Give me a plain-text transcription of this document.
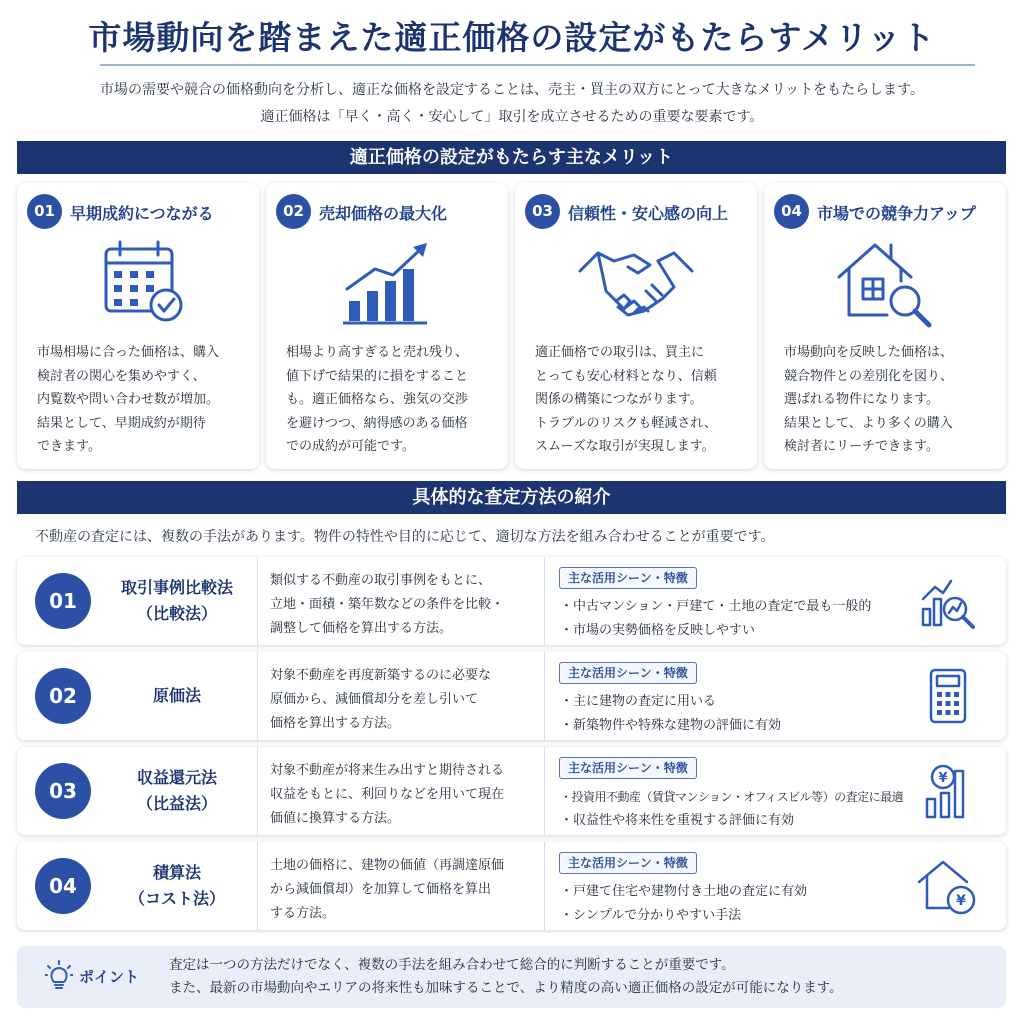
市場動向を踏まえた適正価格の設定がもたらすメリット
市場の需要や競合の価格動向を分析し、適正な価格を設定することは、売主・買主の双方にとって大きなメリットをもたらします。
適正価格は「早く・高く・安心して」取引を成立させるための重要な要素です。
適正価格の設定がもたらす主なメリット
01 早期成約につながる
市場相場に合った価格は、購入
検討者の関心を集めやすく、
内覧数や問い合わせ数が増加。
結果として、早期成約が期待
できます。
02 売却価格の最大化
相場より高すぎると売れ残り、
値下げで結果的に損をすること
も。適正価格なら、強気の交渉
を避けつつ、納得感のある価格
での成約が可能です。
03 信頼性・安心感の向上
適正価格での取引は、買主に
とっても安心材料となり、信頼
関係の構築につながります。
トラブルのリスクも軽減され、
スムーズな取引が実現します。
04 市場での競争力アップ
市場動向を反映した価格は、
競合物件との差別化を図り、
選ばれる物件になります。
結果として、より多くの購入
検討者にリーチできます。
具体的な査定方法の紹介
不動産の査定には、複数の手法があります。物件の特性や目的に応じて、適切な方法を組み合わせることが重要です。
01
取引事例比較法
（比較法）
類似する不動産の取引事例をもとに、
立地・面積・築年数などの条件を比較・
調整して価格を算出する方法。
主な活用シーン・特徴
・ 中古マンション・戸建て・土地の査定で最も一般的
・ 市場の実勢価格を反映しやすい
02	原価法
対象不動産を再度新築するのに必要な
原価から、減価償却分を差し引いて
価格を算出する方法。
主な活用シーン・特徴
・ 主に建物の査定に用いる
・ 新築物件や特殊な建物の評価に有効
03
収益還元法
（比益法）
対象不動産が将来生み出すと期待される
収益をもとに、利回りなどを用いて現在
価値に換算する方法。
主な活用シーン・特徴
・ 投資用不動産（賃貸マンション・オフィスビル等）の査定に最適
・ 収益性や将来性を重視する評価に有効
¥
04
積算法
（コスト法）
土地の価格に、建物の価値（再調達原価
から減価償却）を加算して価格を算出
する方法。
主な活用シーン・特徴
・ 戸建て住宅や建物付き土地の査定に有効
・ シンプルで分かりやすい手法
¥
ポイント
査定は一つの方法だけでなく、複数の手法を組み合わせて総合的に判断することが重要です。
また、最新の市場動向やエリアの将来性も加味することで、より精度の高い適正価格の設定が可能になります。
